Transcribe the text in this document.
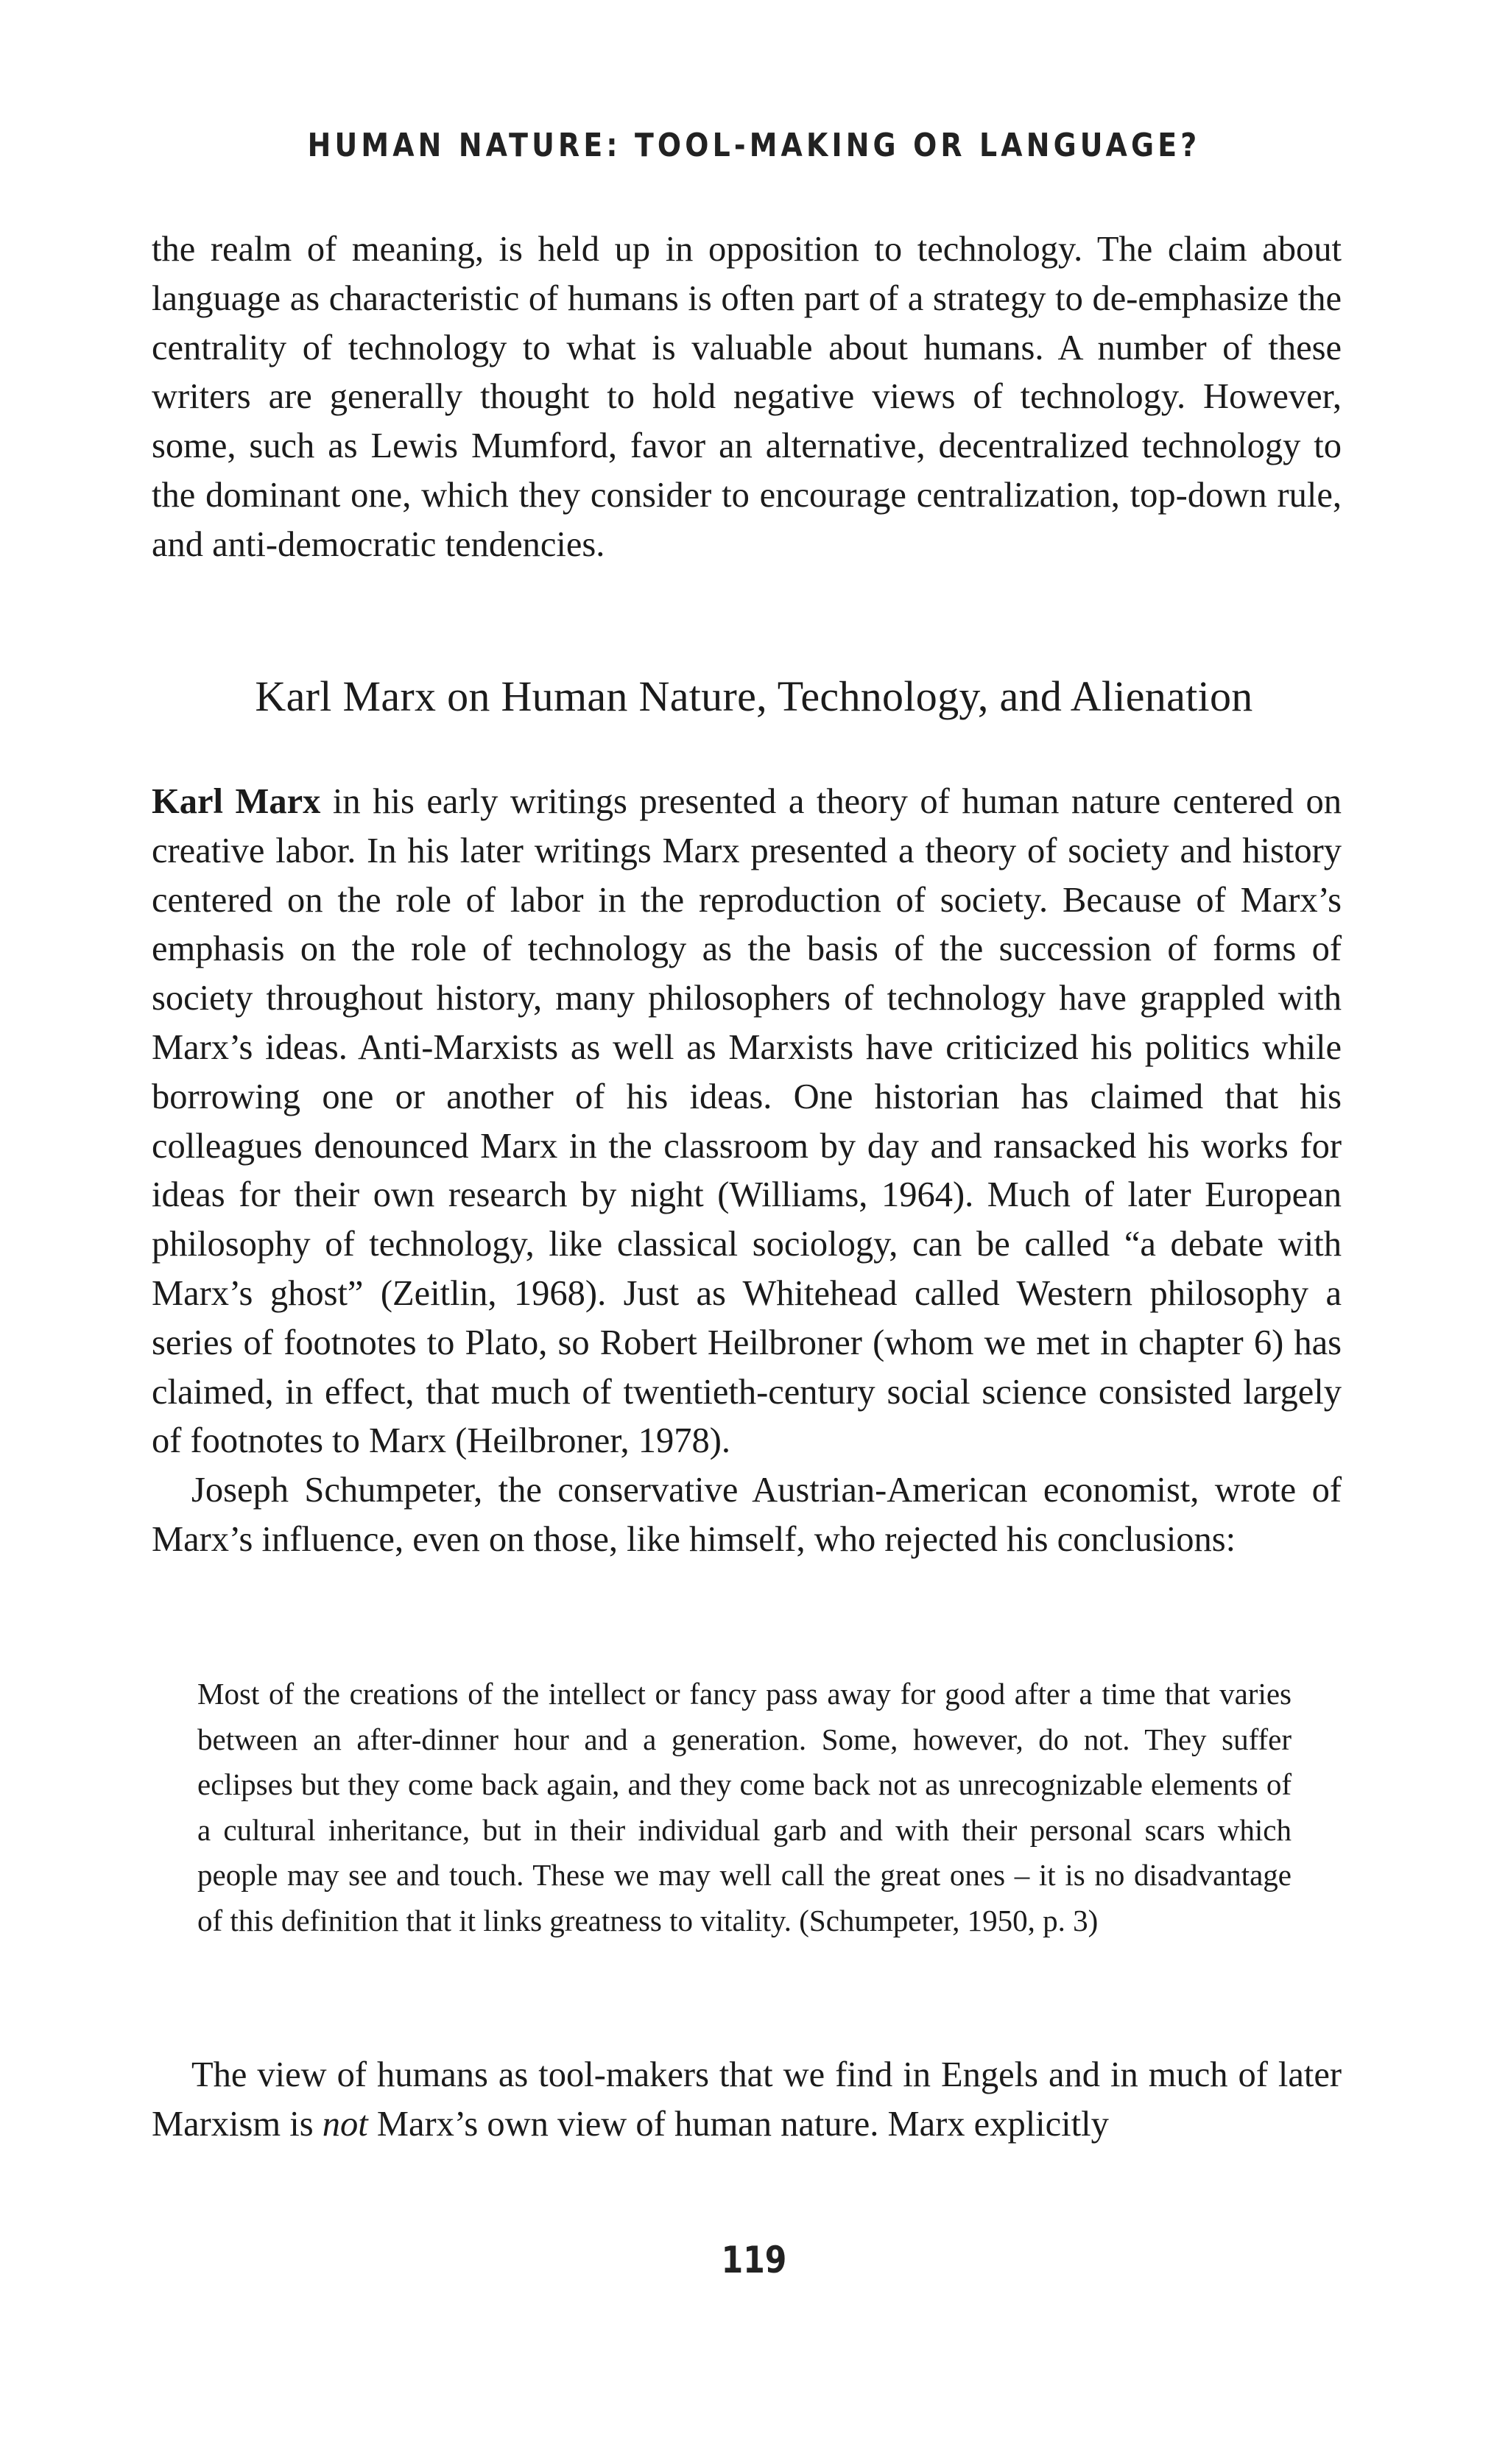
HUMAN NATURE: TOOL-MAKING OR LANGUAGE?

the realm of meaning, is held up in opposition to technology. The claim about language as characteristic of humans is often part of a strategy to de-emphasize the centrality of technology to what is valuable about humans. A number of these writers are generally thought to hold negative views of technology. However, some, such as Lewis Mumford, favor an alternative, decentralized technology to the dominant one, which they consider to encourage centralization, top-down rule, and anti-democratic tendencies.

Karl Marx on Human Nature, Technology, and Alienation

Karl Marx in his early writings presented a theory of human nature centered on creative labor. In his later writings Marx presented a theory of society and history centered on the role of labor in the reproduction of society. Because of Marx’s emphasis on the role of technology as the basis of the succession of forms of society throughout history, many philosophers of technology have grappled with Marx’s ideas. Anti-Marxists as well as Marxists have criticized his politics while borrowing one or another of his ideas. One historian has claimed that his colleagues denounced Marx in the classroom by day and ransacked his works for ideas for their own research by night (Williams, 1964). Much of later European philosophy of technology, like classical sociology, can be called “a debate with Marx’s ghost” (Zeitlin, 1968). Just as Whitehead called Western philosophy a series of footnotes to Plato, so Robert Heilbroner (whom we met in chapter 6) has claimed, in effect, that much of twentieth-century social science consisted largely of footnotes to Marx (Heilbroner, 1978).

Joseph Schumpeter, the conservative Austrian-American economist, wrote of Marx’s influence, even on those, like himself, who rejected his conclusions:

Most of the creations of the intellect or fancy pass away for good after a time that varies between an after-dinner hour and a generation. Some, however, do not. They suffer eclipses but they come back again, and they come back not as unrecognizable elements of a cultural inheritance, but in their individual garb and with their personal scars which people may see and touch. These we may well call the great ones – it is no disadvantage of this definition that it links greatness to vitality. (Schumpeter, 1950, p. 3)

The view of humans as tool-makers that we find in Engels and in much of later Marxism is not Marx’s own view of human nature. Marx explicitly

119
